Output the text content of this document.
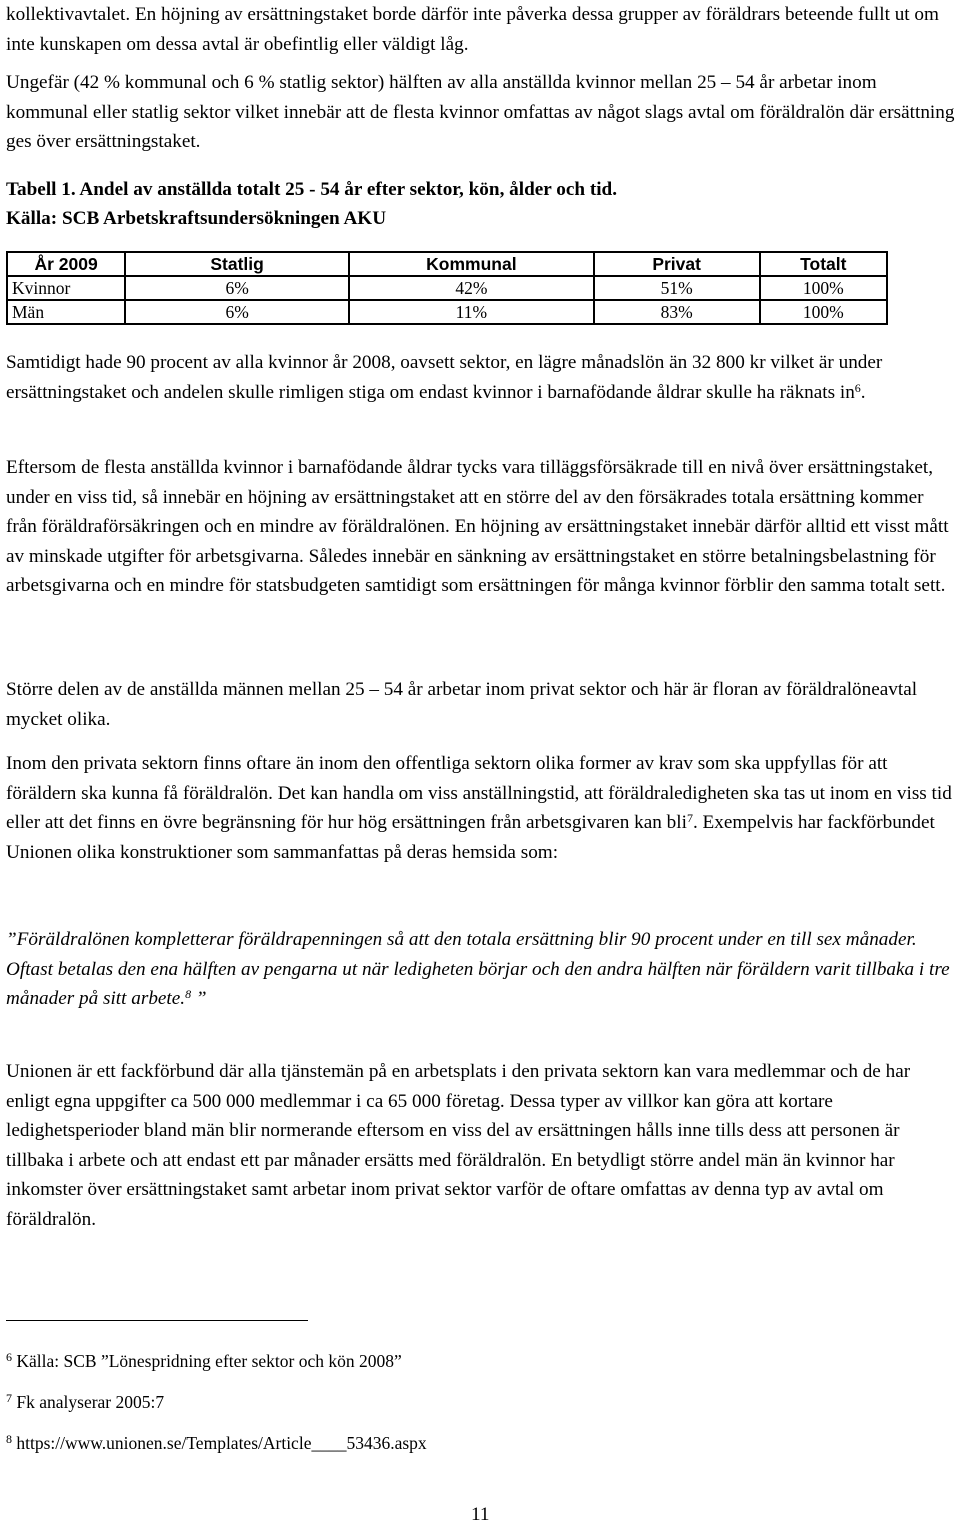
kollektivavtalet. En höjning av ersättningstaket borde därför inte påverka dessa grupper av föräldrars beteende fullt ut om inte kunskapen om dessa avtal är obefintlig eller väldigt låg.

Ungefär (42 % kommunal och 6 % statlig sektor) hälften av alla anställda kvinnor mellan 25 – 54 år arbetar inom kommunal eller statlig sektor vilket innebär att de flesta kvinnor omfattas av något slags avtal om föräldralön där ersättning ges över ersättningstaket.

Tabell 1. Andel av anställda totalt 25 - 54 år efter sektor, kön, ålder och tid.

Källa: SCB Arbetskraftsundersökningen AKU

År 2009	Statlig	Kommunal	Privat	Totalt
Kvinnor	6%	42%	51%	100%
Män	6%	11%	83%	100%

Samtidigt hade 90 procent av alla kvinnor år 2008, oavsett sektor, en lägre månadslön än 32 800 kr vilket är under ersättningstaket och andelen skulle rimligen stiga om endast kvinnor i barnafödande åldrar skulle ha räknats $in^6$.

Eftersom de flesta anställda kvinnor i barnafödande åldrar tycks vara tilläggsförsäkrade till en nivå över ersättningstaket, under en viss tid, så innebär en höjning av ersättningstaket att en större del av den försäkrades totala ersättning kommer från föräldraförsäkringen och en mindre av föräldralönen. En höjning av ersättningstaket innebär därför alltid ett visst mått av minskade utgifter för arbetsgivarna. Således innebär en sänkning av ersättningstaket en större betalningsbelastning för arbetsgivarna och en mindre för statsbudgeten samtidigt som ersättningen för många kvinnor förblir den samma totalt sett.

Större delen av de anställda männen mellan 25 – 54 år arbetar inom privat sektor och här är floran av föräldralöneavtal mycket olika.

Inom den privata sektorn finns oftare än inom den offentliga sektorn olika former av krav som ska uppfyllas för att föräldern ska kunna få föräldralön. Det kan handla om viss anställningstid, att föräldraledigheten ska tas ut inom en viss tid eller att det finns en övre begränsning för hur hög ersättningen från arbetsgivaren kan bli$^7$. Exempelvis har fackförbundet Unionen olika konstruktioner som sammanfattas på deras hemsida som:

”Föräldralönen kompletterar föräldrapenningen så att den totala ersättning blir 90 procent under en till sex månader. Oftast betalas den ena hälften av pengarna ut när ledigheten börjar och den andra hälften när föräldern varit tillbaka i tre månader på sitt arbete.$^8$ ”

Unionen är ett fackförbund där alla tjänstemän på en arbetsplats i den privata sektorn kan vara medlemmar och de har enligt egna uppgifter ca 500 000 medlemmar i ca 65 000 företag. Dessa typer av villkor kan göra att kortare ledighetsperioder bland män blir normerande eftersom en viss del av ersättningen hålls inne tills dess att personen är tillbaka i arbete och att endast ett par månader ersätts med föräldralön. En betydligt större andel män än kvinnor har inkomster över ersättningstaket samt arbetar inom privat sektor varför de oftare omfattas av denna typ av avtal om föräldralön.

$^6$ Källa: SCB ”Lönespridning efter sektor och kön 2008”
$^7$ Fk analyserar 2005:7
$^8$ https://www.unionen.se/Templates/Article____53436.aspx
11
